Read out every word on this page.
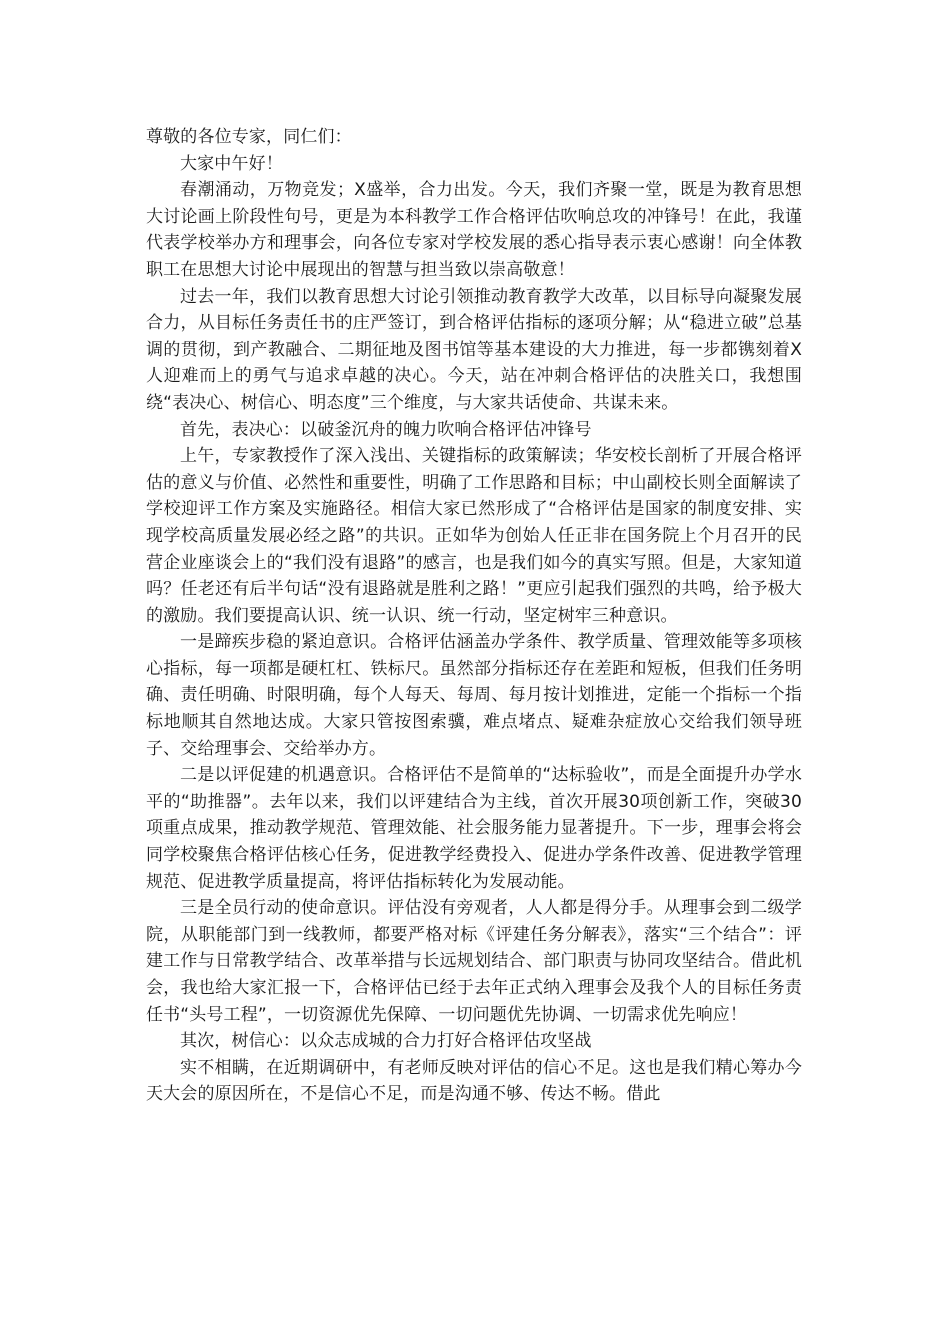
尊敬的各位专家，同仁们：

大家中午好！

春潮涌动，万物竞发；X盛举，合力出发。今天，我们齐聚一堂，既是为教育思想大讨论画上阶段性句号，更是为本科教学工作合格评估吹响总攻的冲锋号！在此，我谨代表学校举办方和理事会，向各位专家对学校发展的悉心指导表示衷心感谢！向全体教职工在思想大讨论中展现出的智慧与担当致以崇高敬意！

过去一年，我们以教育思想大讨论引领推动教育教学大改革，以目标导向凝聚发展合力，从目标任务责任书的庄严签订，到合格评估指标的逐项分解；从“稳进立破”总基调的贯彻，到产教融合、二期征地及图书馆等基本建设的大力推进，每一步都镌刻着X人迎难而上的勇气与追求卓越的决心。今天，站在冲刺合格评估的决胜关口，我想围绕“表决心、树信心、明态度”三个维度，与大家共话使命、共谋未来。

首先，表决心：以破釜沉舟的魄力吹响合格评估冲锋号

上午，专家教授作了深入浅出、关键指标的政策解读；华安校长剖析了开展合格评估的意义与价值、必然性和重要性，明确了工作思路和目标；中山副校长则全面解读了学校迎评工作方案及实施路径。相信大家已然形成了“合格评估是国家的制度安排、实现学校高质量发展必经之路”的共识。正如华为创始人任正非在国务院上个月召开的民营企业座谈会上的“我们没有退路”的感言，也是我们如今的真实写照。但是，大家知道吗？任老还有后半句话“没有退路就是胜利之路！”更应引起我们强烈的共鸣，给予极大的激励。我们要提高认识、统一认识、统一行动，坚定树牢三种意识。

一是蹄疾步稳的紧迫意识。合格评估涵盖办学条件、教学质量、管理效能等多项核心指标，每一项都是硬杠杠、铁标尺。虽然部分指标还存在差距和短板，但我们任务明确、责任明确、时限明确，每个人每天、每周、每月按计划推进，定能一个指标一个指标地顺其自然地达成。大家只管按图索骥，难点堵点、疑难杂症放心交给我们领导班子、交给理事会、交给举办方。

二是以评促建的机遇意识。合格评估不是简单的“达标验收”，而是全面提升办学水平的“助推器”。去年以来，我们以评建结合为主线，首次开展30项创新工作，突破30项重点成果，推动教学规范、管理效能、社会服务能力显著提升。下一步，理事会将会同学校聚焦合格评估核心任务，促进教学经费投入、促进办学条件改善、促进教学管理规范、促进教学质量提高，将评估指标转化为发展动能。

三是全员行动的使命意识。评估没有旁观者，人人都是得分手。从理事会到二级学院，从职能部门到一线教师，都要严格对标《评建任务分解表》，落实“三个结合”：评建工作与日常教学结合、改革举措与长远规划结合、部门职责与协同攻坚结合。借此机会，我也给大家汇报一下，合格评估已经于去年正式纳入理事会及我个人的目标任务责任书“头号工程”，一切资源优先保障、一切问题优先协调、一切需求优先响应！

其次，树信心：以众志成城的合力打好合格评估攻坚战

实不相瞒，在近期调研中，有老师反映对评估的信心不足。这也是我们精心筹办今天大会的原因所在，不是信心不足，而是沟通不够、传达不畅。借此
